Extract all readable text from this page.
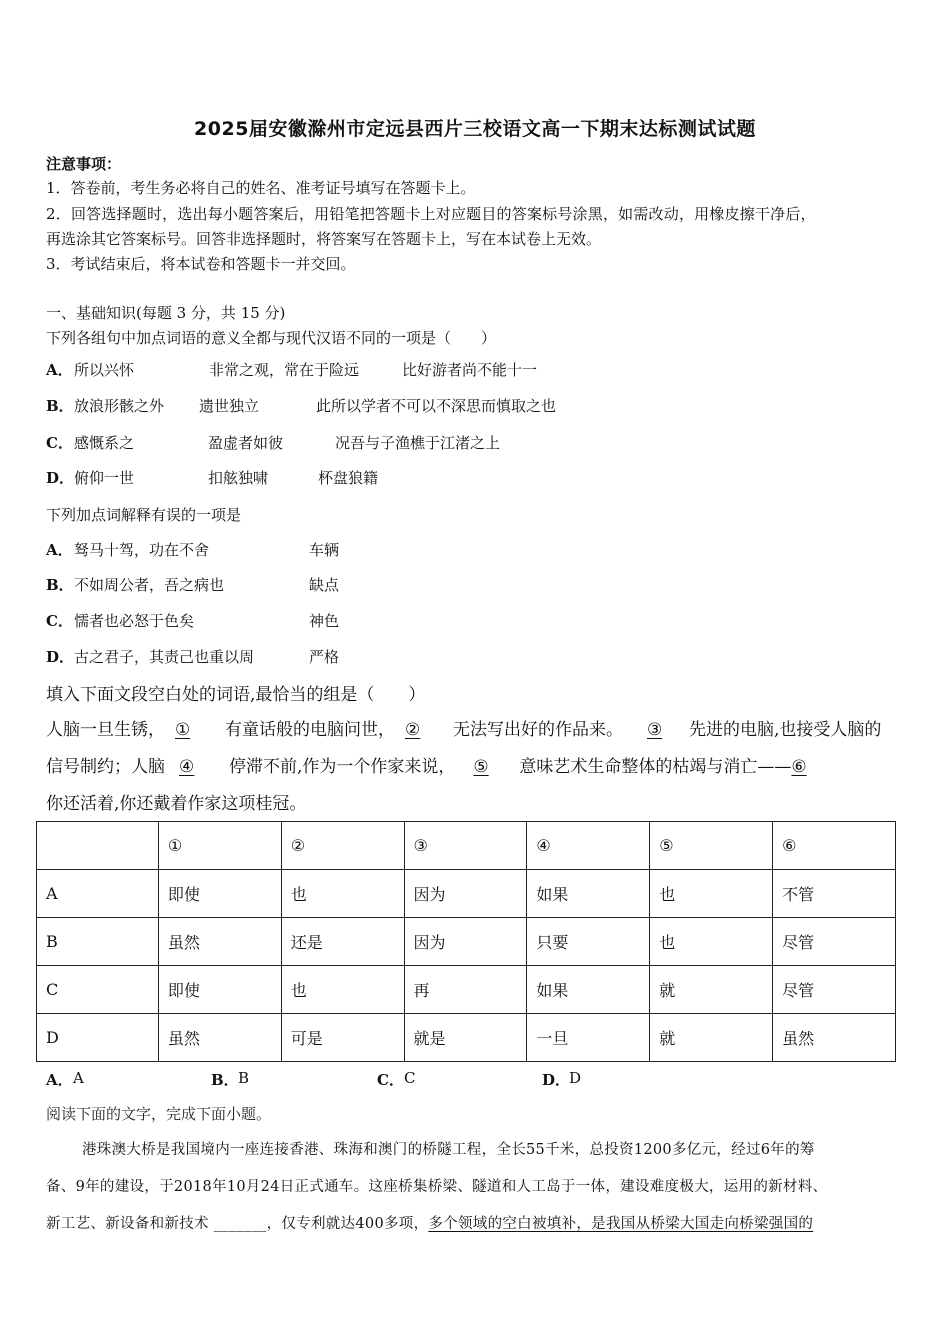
2025届安徽滁州市定远县西片三校语文高一下期末达标测试试题
注意事项：
1．答卷前，考生务必将自己的姓名、准考证号填写在答题卡上。
2．回答选择题时，选出每小题答案后，用铅笔把答题卡上对应题目的答案标号涂黑，如需改动，用橡皮擦干净后，
再选涂其它答案标号。回答非选择题时，将答案写在答题卡上，写在本试卷上无效。
3．考试结束后，将本试卷和答题卡一并交回。
一、基础知识(每题 3 分，共 15 分)
下列各组句中加点词语的意义全都与现代汉语不同的一项是（　　）
A． 所以兴怀	非常之观，常在于险远	比好游者尚不能十一
B． 放浪形骸之外 遗世独立	此所以学者不可以不深思而慎取之也
C． 感慨系之	盈虚者如彼	况吾与子渔樵于江渚之上
D． 俯仰一世	扣舷独啸	杯盘狼籍
下列加点词解释有误的一项是
A． 驽马十驾，功在不舍	车辆
B． 不如周公者，吾之病也	缺点
C． 懦者也必怒于色矣	神色
D． 古之君子，其责己也重以周	严格
填入下面文段空白处的词语,最恰当的组是（　　）
人脑一旦生锈， ① 有童话般的电脑问世， ② 无法写出好的作品来。 ③ 先进的电脑,也接受人脑的
信号制约；人脑 ④ 停滞不前,作为一个作家来说， ⑤ 意味艺术生命整体的枯竭与消亡——⑥
你还活着,你还戴着作家这项桂冠。
	①	②	③	④	⑤	⑥
A	即使	也	因为	如果	也	不管
B	虽然	还是	因为	只要	也	尽管
C	即使	也	再	如果	就	尽管
D	虽然	可是	就是	一旦	就	虽然
A． A	B． B	C． C	D．
D
阅读下面的文字，完成下面小题。
港珠澳大桥是我国境内一座连接香港、珠海和澳门的桥隧工程，全长55千米，总投资1200多亿元，经过6年的筹
备、9年的建设，于2018年10月24日正式通车。这座桥集桥梁、隧道和人工岛于一体，建设难度极大，运用的新材料、
新工艺、新设备和新技术 _______，仅专利就达400多项，多个领域的空白被填补，是我国从桥梁大国走向桥梁强国的
